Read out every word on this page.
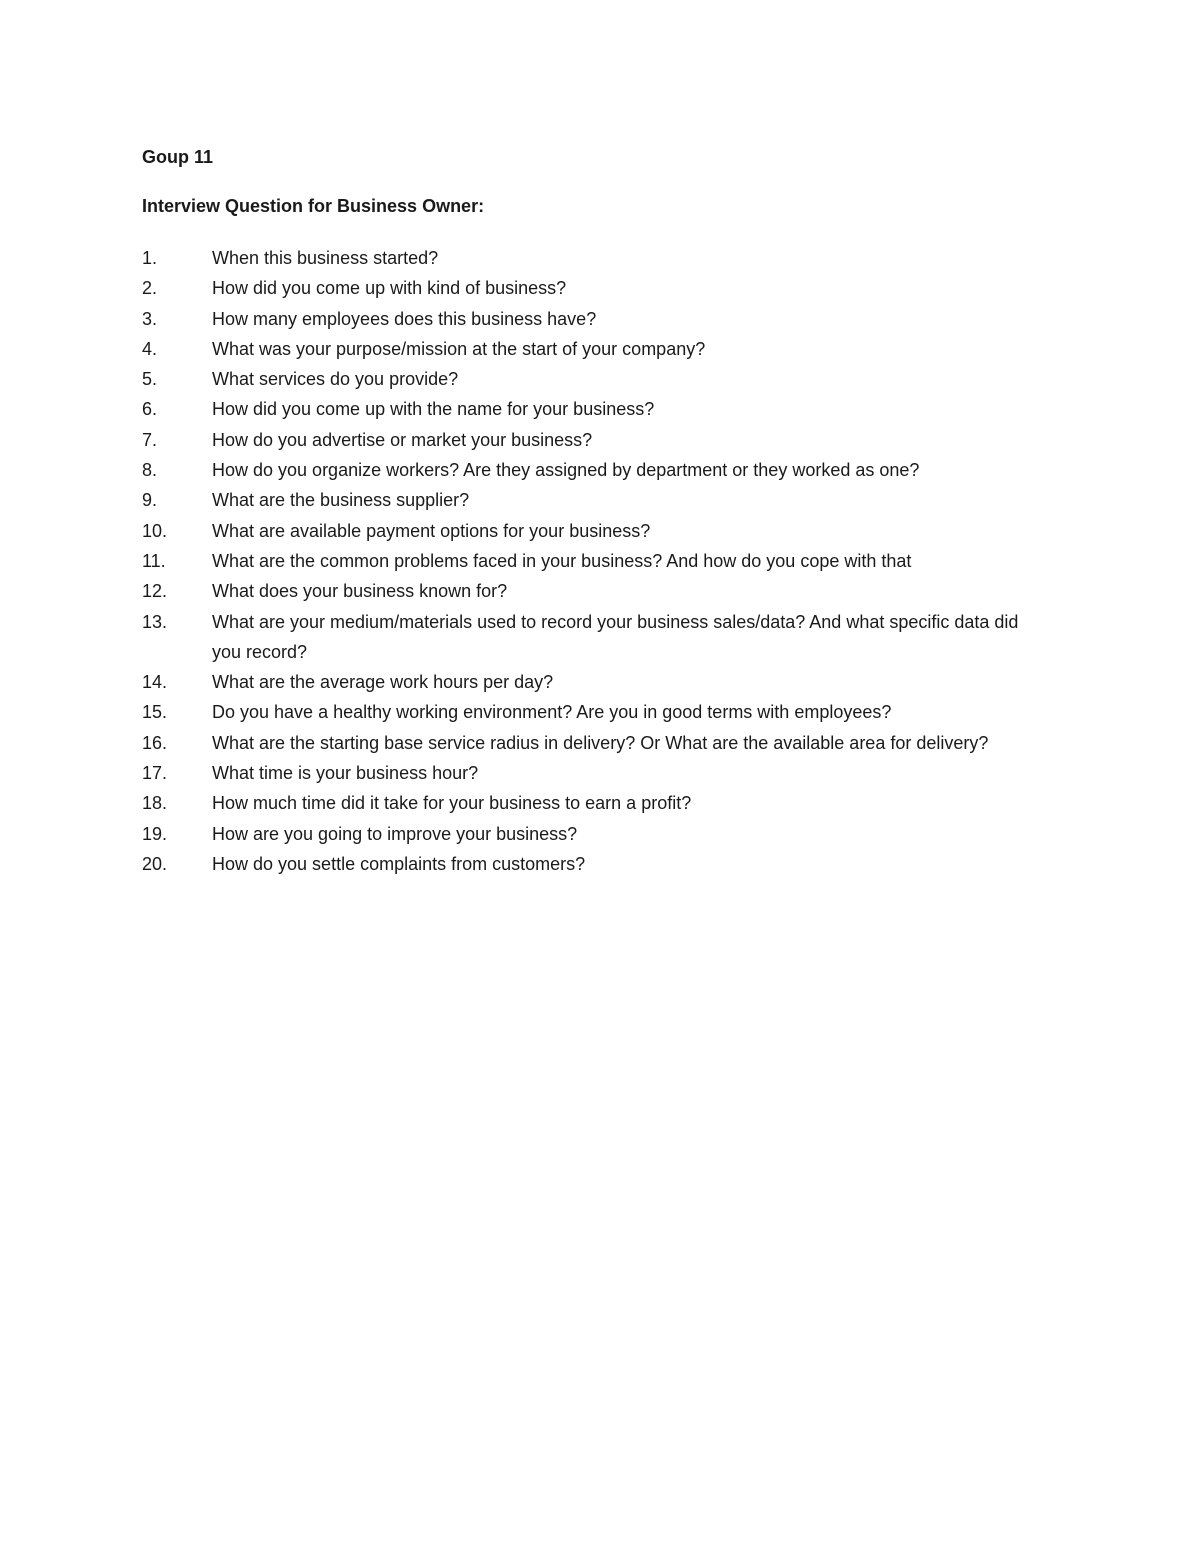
Goup 11

Interview Question for Business Owner:

1.	When this business started?
2.	How did you come up with kind of business?
3.	How many employees does this business have?
4.	What was your purpose/mission at the start of your company?
5.	What services do you provide?
6.	How did you come up with the name for your business?
7.	How do you advertise or market your business?
8.	How do you organize workers? Are they assigned by department or they worked as one?
9.	What are the business supplier?
10.	What are available payment options for your business?
11.	What are the common problems faced in your business? And how do you cope with that
12.	What does your business known for?
13.	What are your medium/materials used to record your business sales/data? And what specific data did you record?
14.	What are the average work hours per day?
15.	Do you have a healthy working environment? Are you in good terms with employees?
16.	What are the starting base service radius in delivery? Or What are the available area for delivery?
17.	What time is your business hour?
18.	How much time did it take for your business to earn a profit?
19.	How are you going to improve your business?
20.	How do you settle complaints from customers?
